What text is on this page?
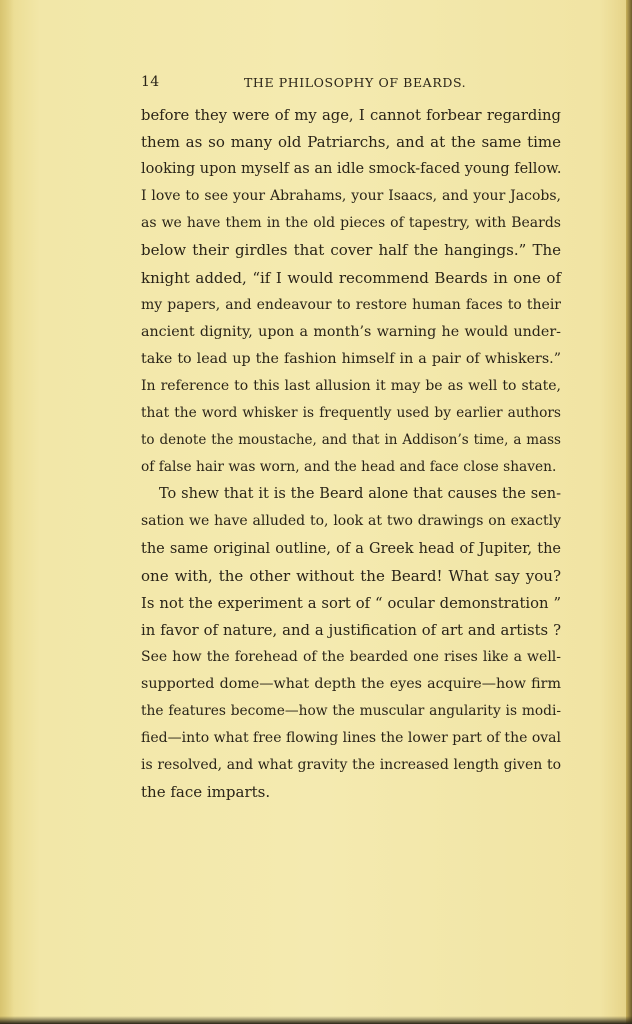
14	THE PHILOSOPHY OF BEARDS.
before they were of my age, I cannot forbear regarding
them as so many old Patriarchs, and at the same time
looking upon myself as an idle smock-faced young fellow.
I love to see your Abrahams, your Isaacs, and your Jacobs,
as we have them in the old pieces of tapestry, with Beards
below their girdles that cover half the hangings.” The
knight added, “if I would recommend Beards in one of
my papers, and endeavour to restore human faces to their
ancient dignity, upon a month’s warning he would under-
take to lead up the fashion himself in a pair of whiskers.”
In reference to this last allusion it may be as well to state,
that the word whisker is frequently used by earlier authors
to denote the moustache, and that in Addison’s time, a mass
of false hair was worn, and the head and face close shaven.
To shew that it is the Beard alone that causes the sen-
sation we have alluded to, look at two drawings on exactly
the same original outline, of a Greek head of Jupiter, the
one with, the other without the Beard! What say you?
Is not the experiment a sort of “ ocular demonstration ”
in favor of nature, and a justification of art and artists ?
See how the forehead of the bearded one rises like a well-
supported dome—what depth the eyes acquire—how firm
the features become—how the muscular angularity is modi-
fied—into what free flowing lines the lower part of the oval
is resolved, and what gravity the increased length given to
the face imparts.
